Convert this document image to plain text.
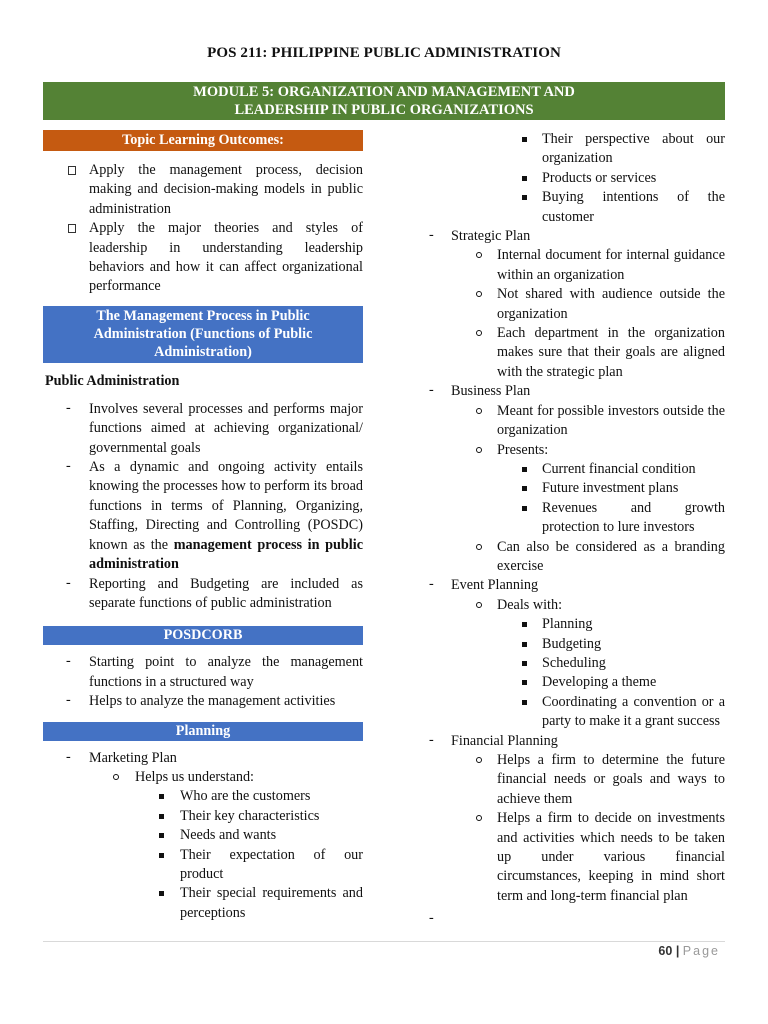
POS 211: PHILIPPINE PUBLIC ADMINISTRATION
MODULE 5: ORGANIZATION AND MANAGEMENT AND
LEADERSHIP IN PUBLIC ORGANIZATIONS
Topic Learning Outcomes:
Apply the management process, decision making and decision-making models in public administration
Apply the major theories and styles of leadership in understanding leadership behaviors and how it can affect organizational performance
The Management Process in Public
Administration (Functions of Public
Administration)
Public Administration
-	Involves several processes and performs major functions aimed at achieving organizational/ governmental goals
-	As a dynamic and ongoing activity entails knowing the processes how to perform its broad functions in terms of Planning, Organizing, Staffing, Directing and Controlling (POSDC) known as the management process in public administration
-	Reporting and Budgeting are included as separate functions of public administration
POSDCORB
-	Starting point to analyze the management functions in a structured way
-	Helps to analyze the management activities
Planning
-	Marketing Plan
Helps us understand:
Who are the customers
Their key characteristics
Needs and wants
Their expectation of our product
Their special requirements and perceptions
Their perspective about our organization
Products or services
Buying intentions of the customer
-	Strategic Plan
Internal document for internal guidance within an organization
Not shared with audience outside the organization
Each department in the organization makes sure that their goals are aligned with the strategic plan
-	Business Plan
Meant for possible investors outside the organization
Presents:
Current financial condition
Future investment plans
Revenues and growth protection to lure investors
Can also be considered as a branding exercise
-	Event Planning
Deals with:
Planning
Budgeting
Scheduling
Developing a theme
Coordinating a convention or a party to make it a grant success
-	Financial Planning
Helps a firm to determine the future financial needs or goals and ways to achieve them
Helps a firm to decide on investments and activities which needs to be taken up under various financial circumstances, keeping in mind short term and long-term financial plan
-
60 | Page
